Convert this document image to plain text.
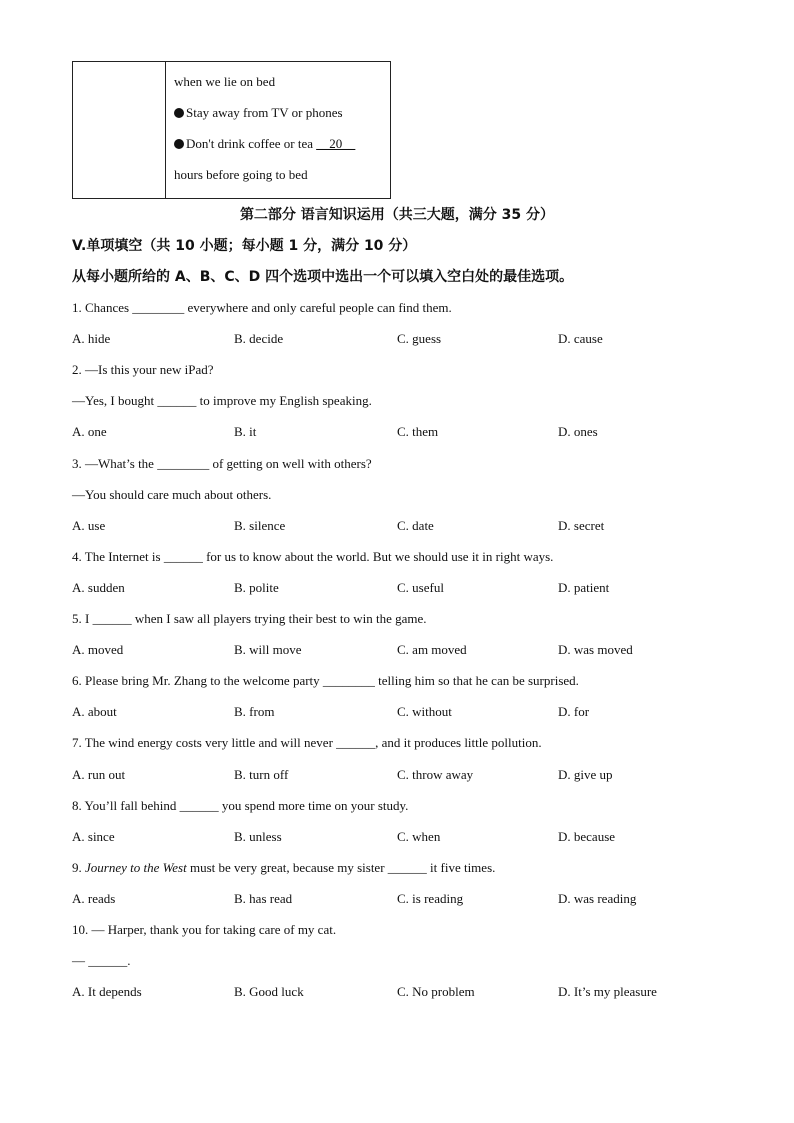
when we lie on bed
Stay away from TV or phones
Don't drink coffee or tea __20__
hours before going to bed
第二部分 语言知识运用（共三大题，满分 35 分）
V.单项填空（共 10 小题；每小题 1 分，满分 10 分）
从每小题所给的 A、B、C、D 四个选项中选出一个可以填入空白处的最佳选项。
1. Chances ________ everywhere and only careful people can find them.
A. hide	B. decide	C. guess	D. cause
2. —Is this your new iPad?
—Yes, I bought ______ to improve my English speaking.
A. one	B. it	C. them	D. ones
3. —What’s the ________ of getting on well with others?
—You should care much about others.
A. use	B. silence	C. date	D. secret
4. The Internet is ______ for us to know about the world. But we should use it in right ways.
A. sudden	B. polite	C. useful	D. patient
5. I ______ when I saw all players trying their best to win the game.
A. moved	B. will move	C. am moved	D. was moved
6. Please bring Mr. Zhang to the welcome party ________ telling him so that he can be surprised.
A. about	B. from	C. without	D. for
7. The wind energy costs very little and will never ______, and it produces little pollution.
A. run out	B. turn off	C. throw away	D. give up
8. You’ll fall behind ______ you spend more time on your study.
A. since	B. unless	C. when	D. because
9. Journey to the West must be very great, because my sister ______ it five times.
A. reads	B. has read	C. is reading	D. was reading
10. — Harper, thank you for taking care of my cat.
— ______.
A. It depends	B. Good luck	C. No problem	D. It’s my pleasure
